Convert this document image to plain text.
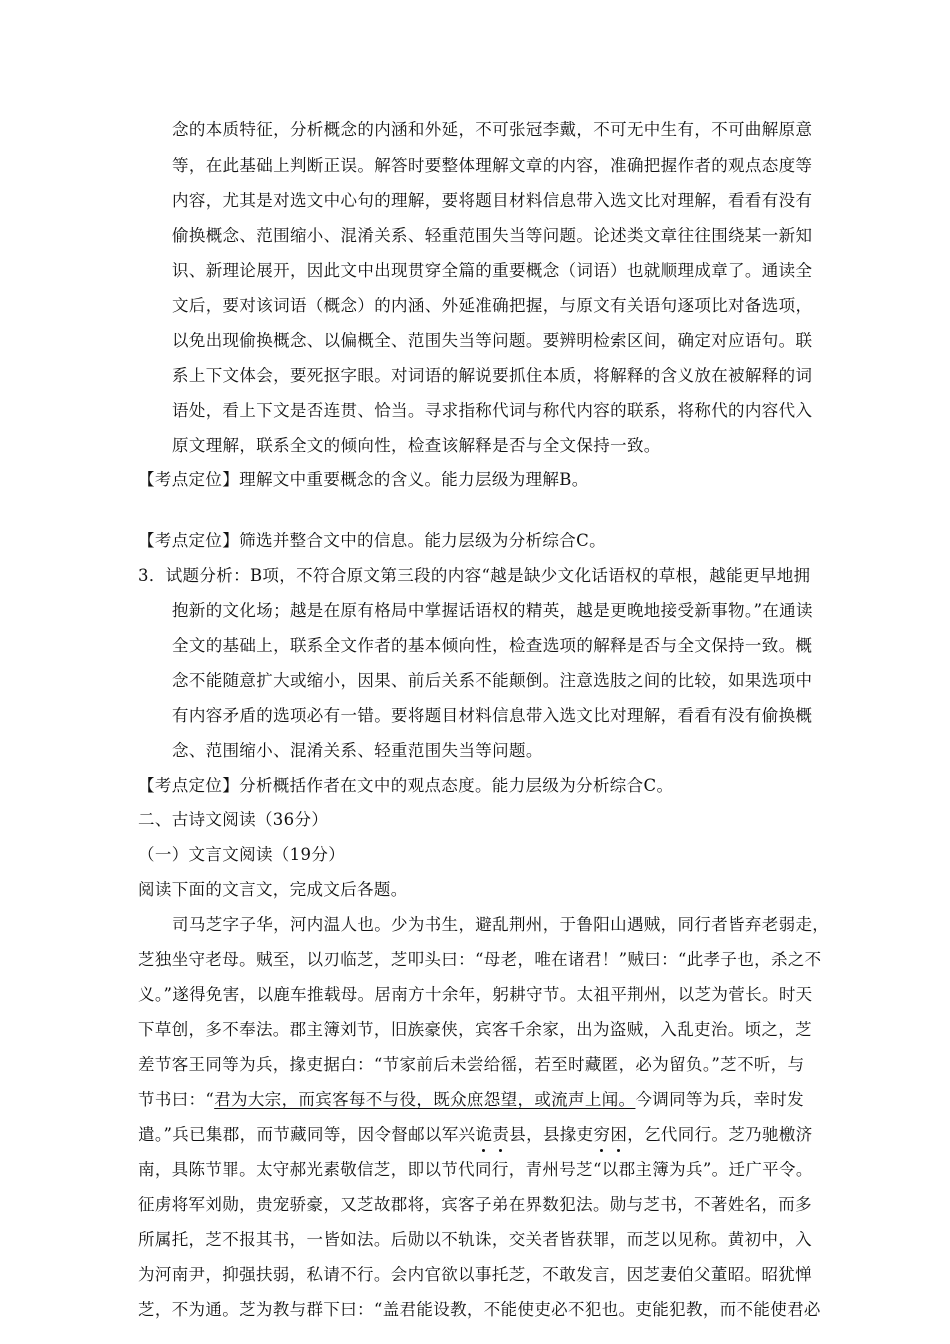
念的本质特征，分析概念的内涵和外延，不可张冠李戴，不可无中生有，不可曲解原意
等，在此基础上判断正误。解答时要整体理解文章的内容，准确把握作者的观点态度等
内容，尤其是对选文中心句的理解，要将题目材料信息带入选文比对理解，看看有没有
偷换概念、范围缩小、混淆关系、轻重范围失当等问题。论述类文章往往围绕某一新知
识、新理论展开，因此文中出现贯穿全篇的重要概念（词语）也就顺理成章了。通读全
文后，要对该词语（概念）的内涵、外延准确把握，与原文有关语句逐项比对备选项，
以免出现偷换概念、以偏概全、范围失当等问题。要辨明检索区间，确定对应语句。联
系上下文体会，要死抠字眼。对词语的解说要抓住本质，将解释的含义放在被解释的词
语处，看上下文是否连贯、恰当。寻求指称代词与称代内容的联系，将称代的内容代入
原文理解，联系全文的倾向性，检查该解释是否与全文保持一致。
【考点定位】理解文中重要概念的含义。能力层级为理解B。
【考点定位】筛选并整合文中的信息。能力层级为分析综合C。
3．试题分析：B项，不符合原文第三段的内容“越是缺少文化话语权的草根，越能更早地拥
抱新的文化场；越是在原有格局中掌握话语权的精英，越是更晚地接受新事物。”在通读
全文的基础上，联系全文作者的基本倾向性，检查选项的解释是否与全文保持一致。概
念不能随意扩大或缩小，因果、前后关系不能颠倒。注意选肢之间的比较，如果选项中
有内容矛盾的选项必有一错。要将题目材料信息带入选文比对理解，看看有没有偷换概
念、范围缩小、混淆关系、轻重范围失当等问题。
【考点定位】分析概括作者在文中的观点态度。能力层级为分析综合C。
二、古诗文阅读（36分）
（一）文言文阅读（19分）
阅读下面的文言文，完成文后各题。
司马芝字子华，河内温人也。少为书生，避乱荆州，于鲁阳山遇贼，同行者皆弃老弱走，
芝独坐守老母。贼至，以刃临芝，芝叩头曰：“母老，唯在诸君！”贼曰：“此孝子也，杀之不
义。”遂得免害，以鹿车推载母。居南方十余年，躬耕守节。太祖平荆州，以芝为菅长。时天
下草创，多不奉法。郡主簿刘节，旧族豪侠，宾客千余家，出为盗贼，入乱吏治。顷之，芝
差节客王同等为兵，掾吏据白：“节家前后未尝给徭，若至时藏匿，必为留负。”芝不听，与
节书曰：“君为大宗，而宾客每不与役，既众庶怨望，或流声上闻。今调同等为兵，幸时发
遣。”兵已集郡，而节藏同等，因令督邮以军兴诡责县，县掾吏穷困，乞代同行。芝乃驰檄济
南，具陈节罪。太守郝光素敬信芝，即以节代同行，青州号芝“以郡主簿为兵”。迁广平令。
征虏将军刘勋，贵宠骄豪，又芝故郡将，宾客子弟在界数犯法。勋与芝书，不著姓名，而多
所属托，芝不报其书，一皆如法。后勋以不轨诛，交关者皆获罪，而芝以见称。黄初中，入
为河南尹，抑强扶弱，私请不行。会内官欲以事托芝，不敢发言，因芝妻伯父董昭。昭犹惮
芝，不为通。芝为教与群下曰：“盖君能设教，不能使吏必不犯也。吏能犯教，而不能使君必
